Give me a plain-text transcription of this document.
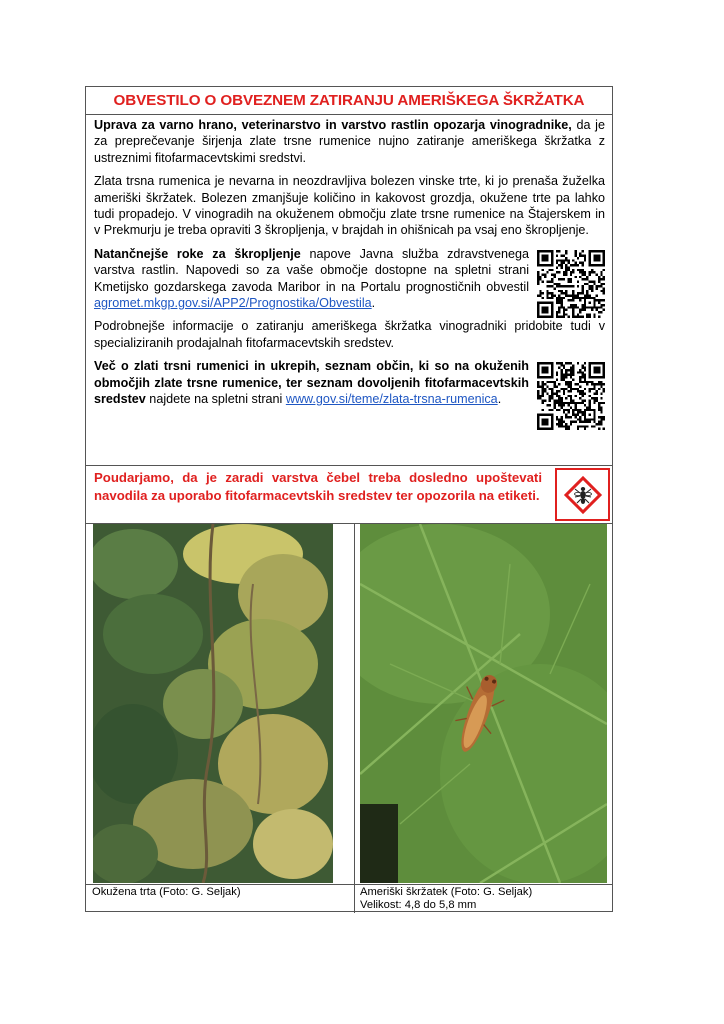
OBVESTILO O OBVEZNEM ZATIRANJU AMERIŠKEGA ŠKRŽATKA

Uprava za varno hrano, veterinarstvo in varstvo rastlin opozarja vinogradnike, da je za preprečevanje širjenja zlate trsne rumenice nujno zatiranje ameriškega škržatka z ustreznimi fitofarmacevtskimi sredstvi.

Zlata trsna rumenica je nevarna in neozdravljiva bolezen vinske trte, ki jo prenaša žuželka ameriški škržatek. Bolezen zmanjšuje količino in kakovost grozdja, okužene trte pa lahko tudi propadejo. V vinogradih na okuženem območju zlate trsne rumenice na Štajerskem in v Prekmurju je treba opraviti 3 škropljenja, v brajdah in ohišnicah pa vsaj eno škropljenje.

Natančnejše roke za škropljenje napove Javna služba zdravstvenega varstva rastlin. Napovedi so za vaše območje dostopne na spletni strani Kmetijsko gozdarskega zavoda Maribor in na Portalu prognostičnih obvestil agromet.mkgp.gov.si/APP2/Prognostika/Obvestila.

Podrobnejše informacije o zatiranju ameriškega škržatka vinogradniki pridobite tudi v specializiranih prodajalnah fitofarmacevtskih sredstev.

Več o zlati trsni rumenici in ukrepih, seznam občin, ki so na okuženih območjih zlate trsne rumenice, ter seznam dovoljenih fitofarmacevtskih sredstev najdete na spletni strani www.gov.si/teme/zlata-trsna-rumenica.

Poudarjamo, da je zaradi varstva čebel treba dosledno upoštevati navodila za uporabo fitofarmacevtskih sredstev ter opozorila na etiketi.

Okužena trta (Foto: G. Seljak)	Ameriški škržatek (Foto: G. Seljak)
Velikost: 4,8 do 5,8 mm
